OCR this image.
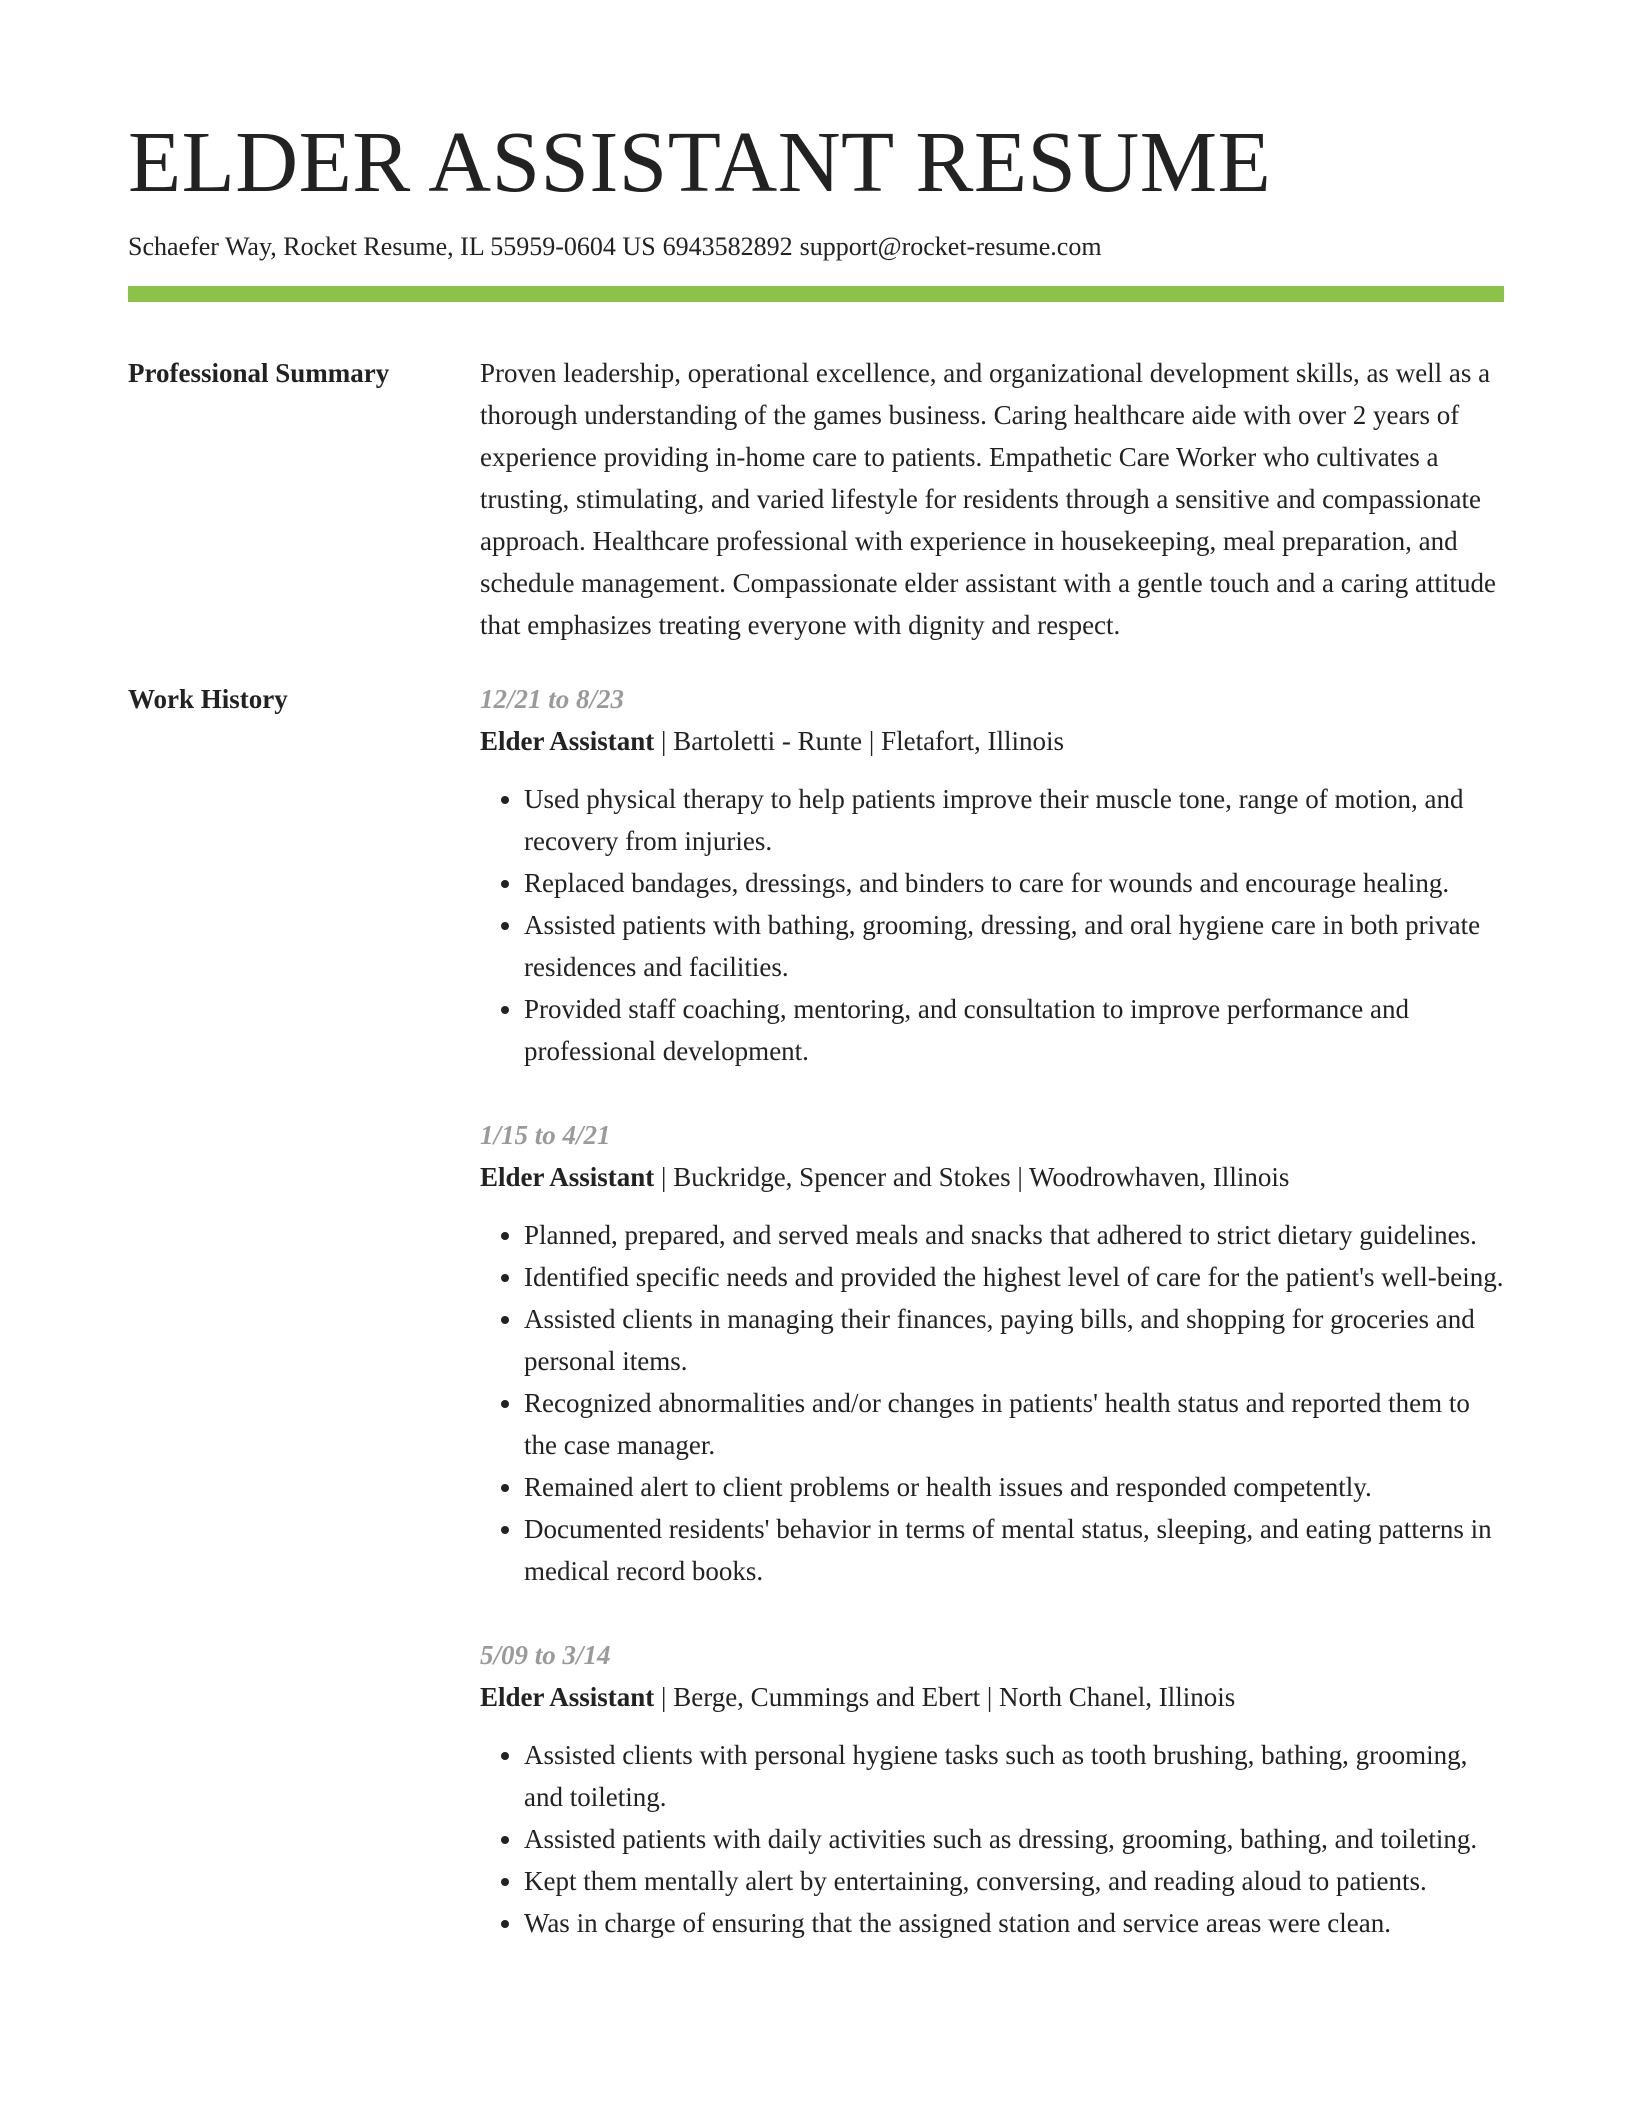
ELDER ASSISTANT RESUME
Schaefer Way, Rocket Resume, IL 55959-0604 US 6943582892 support@rocket-resume.com
Professional Summary	Proven leadership, operational excellence, and organizational development skills, as well as a thorough understanding of the games business. Caring healthcare aide with over 2 years of experience providing in-home care to patients. Empathetic Care Worker who cultivates a trusting, stimulating, and varied lifestyle for residents through a sensitive and compassionate approach. Healthcare professional with experience in housekeeping, meal preparation, and schedule management. Compassionate elder assistant with a gentle touch and a caring attitude that emphasizes treating everyone with dignity and respect.
Work History	12/21 to 8/23
Elder Assistant | Bartoletti - Runte | Fletafort, Illinois
• Used physical therapy to help patients improve their muscle tone, range of motion, and recovery from injuries.
• Replaced bandages, dressings, and binders to care for wounds and encourage healing.
• Assisted patients with bathing, grooming, dressing, and oral hygiene care in both private residences and facilities.
• Provided staff coaching, mentoring, and consultation to improve performance and professional development.
1/15 to 4/21
Elder Assistant | Buckridge, Spencer and Stokes | Woodrowhaven, Illinois
• Planned, prepared, and served meals and snacks that adhered to strict dietary guidelines.
• Identified specific needs and provided the highest level of care for the patient's well-being.
• Assisted clients in managing their finances, paying bills, and shopping for groceries and personal items.
• Recognized abnormalities and/or changes in patients' health status and reported them to the case manager.
• Remained alert to client problems or health issues and responded competently.
• Documented residents' behavior in terms of mental status, sleeping, and eating patterns in medical record books.
5/09 to 3/14
Elder Assistant | Berge, Cummings and Ebert | North Chanel, Illinois
• Assisted clients with personal hygiene tasks such as tooth brushing, bathing, grooming, and toileting.
• Assisted patients with daily activities such as dressing, grooming, bathing, and toileting.
• Kept them mentally alert by entertaining, conversing, and reading aloud to patients.
• Was in charge of ensuring that the assigned station and service areas were clean.
